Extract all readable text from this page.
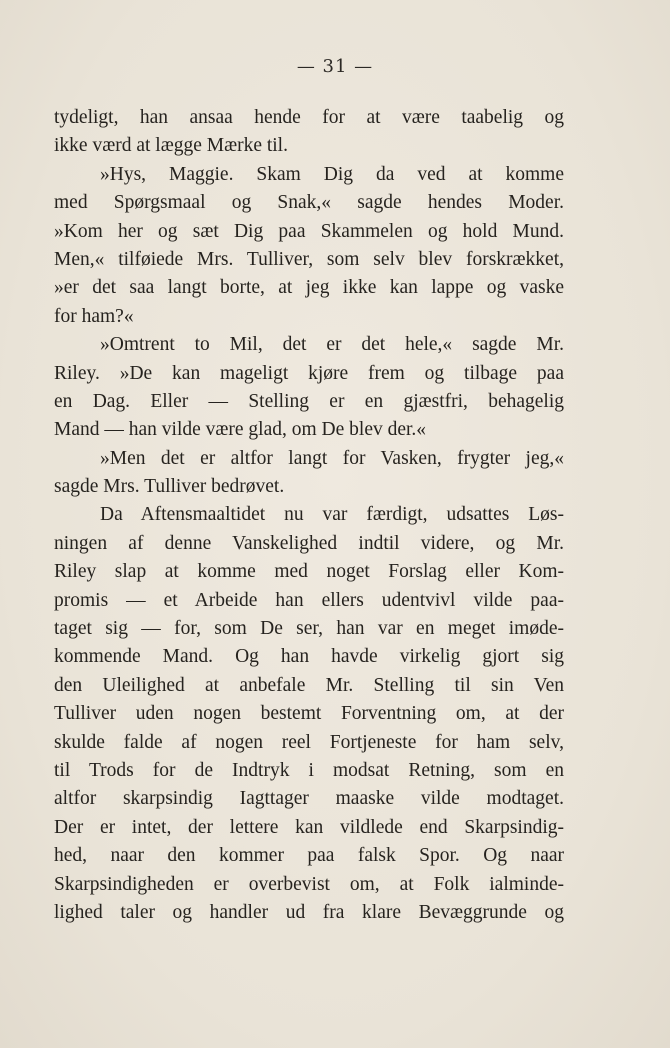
— 31 —
tydeligt, han ansaa hende for at være taabelig og
ikke værd at lægge Mærke til.
»Hys, Maggie. Skam Dig da ved at komme
med Spørgsmaal og Snak,« sagde hendes Moder.
»Kom her og sæt Dig paa Skammelen og hold Mund.
Men,« tilføiede Mrs. Tulliver, som selv blev forskrækket,
»er det saa langt borte, at jeg ikke kan lappe og vaske
for ham?«
»Omtrent to Mil, det er det hele,« sagde Mr.
Riley. »De kan mageligt kjøre frem og tilbage paa
en Dag. Eller — Stelling er en gjæstfri, behagelig
Mand — han vilde være glad, om De blev der.«
»Men det er altfor langt for Vasken, frygter jeg,«
sagde Mrs. Tulliver bedrøvet.
Da Aftensmaaltidet nu var færdigt, udsattes Løs-
ningen af denne Vanskelighed indtil videre, og Mr.
Riley slap at komme med noget Forslag eller Kom-
promis — et Arbeide han ellers udentvivl vilde paa-
taget sig — for, som De ser, han var en meget imøde-
kommende Mand. Og han havde virkelig gjort sig
den Uleilighed at anbefale Mr. Stelling til sin Ven
Tulliver uden nogen bestemt Forventning om, at der
skulde falde af nogen reel Fortjeneste for ham selv,
til Trods for de Indtryk i modsat Retning, som en
altfor skarpsindig Iagttager maaske vilde modtaget.
Der er intet, der lettere kan vildlede end Skarpsindig-
hed, naar den kommer paa falsk Spor. Og naar
Skarpsindigheden er overbevist om, at Folk ialminde-
lighed taler og handler ud fra klare Bevæggrunde og
